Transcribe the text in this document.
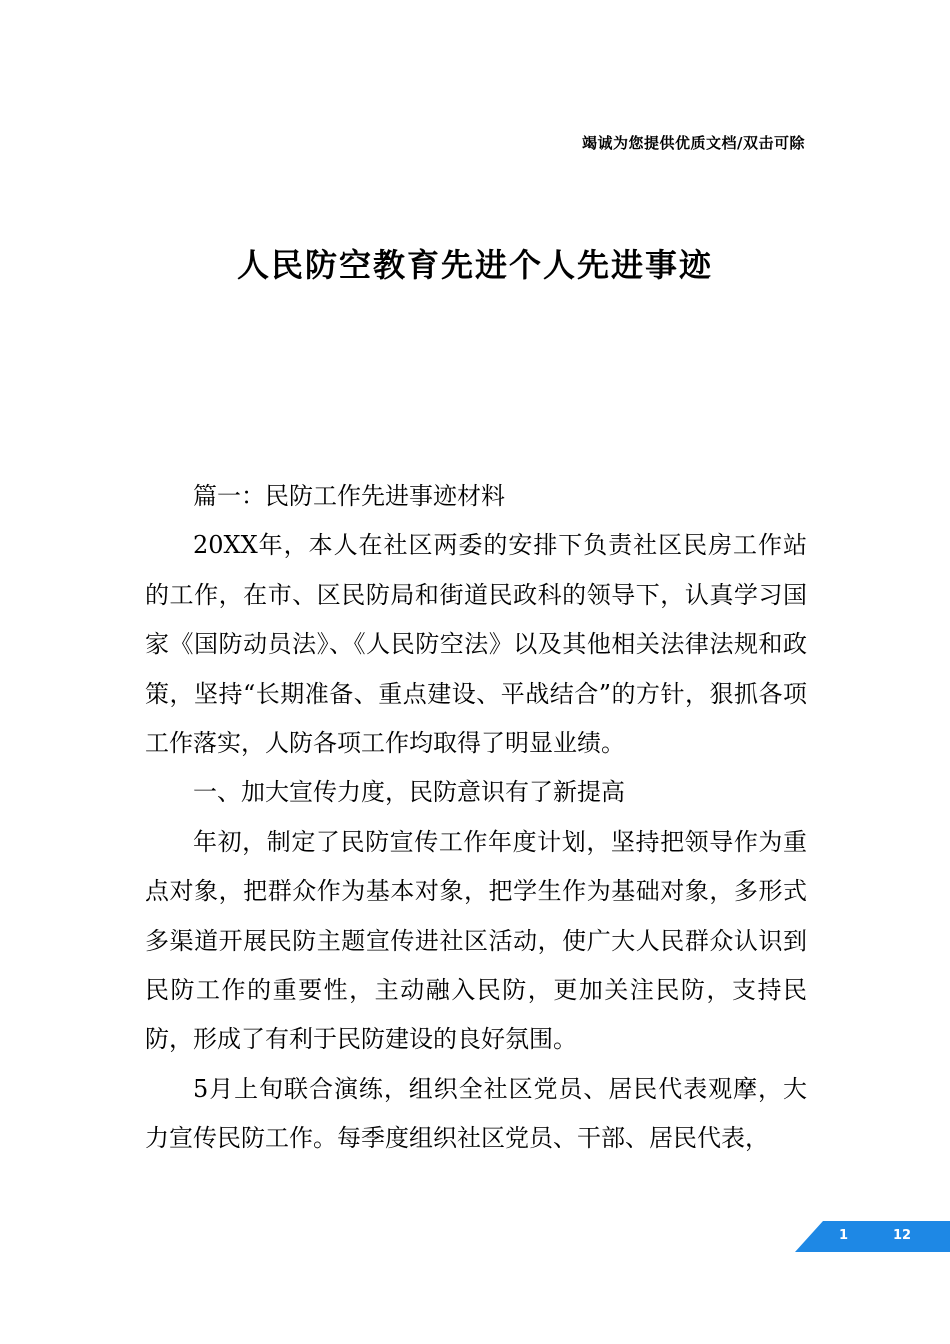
竭诚为您提供优质文档/双击可除
人民防空教育先进个人先进事迹

篇一：民防工作先进事迹材料

20XX年，本人在社区两委的安排下负责社区民房工作站的工作，在市、区民防局和街道民政科的领导下，认真学习国家《国防动员法》、《人民防空法》以及其他相关法律法规和政策，坚持“长期准备、重点建设、平战结合”的方针，狠抓各项工作落实，人防各项工作均取得了明显业绩。

一、加大宣传力度，民防意识有了新提高

年初，制定了民防宣传工作年度计划，坚持把领导作为重点对象，把群众作为基本对象，把学生作为基础对象，多形式多渠道开展民防主题宣传进社区活动，使广大人民群众认识到民防工作的重要性，主动融入民防，更加关注民防，支持民防，形成了有利于民防建设的良好氛围。

5月上旬联合演练，组织全社区党员、居民代表观摩，大力宣传民防工作。每季度组织社区党员、干部、居民代表，

1	12
